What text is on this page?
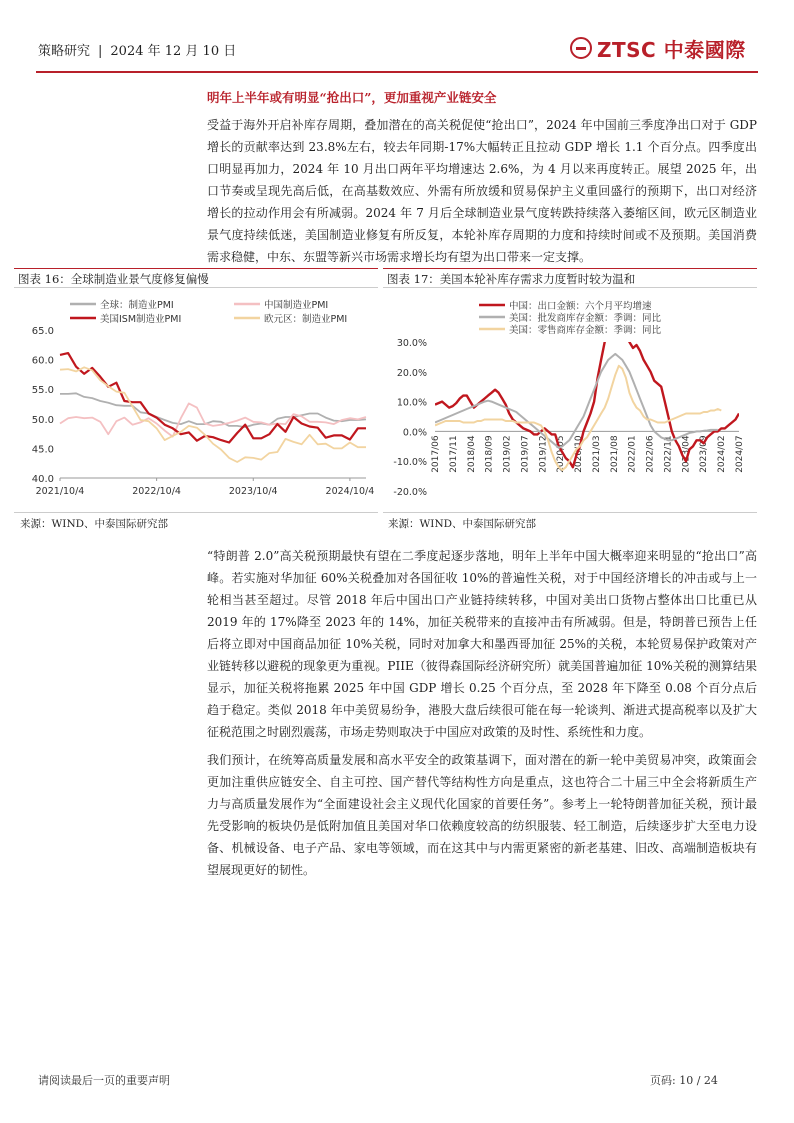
策略研究 | 2024 年 12 月 10 日	ZTSC 中泰國際
明年上半年或有明显“抢出口”，更加重视产业链安全
受益于海外开启补库存周期，叠加潜在的高关税促使“抢出口”，2024 年中国前三季度净出口对于 GDP 增长的贡献率达到 23.8%左右，较去年同期-17%大幅转正且拉动 GDP 增长 1.1 个百分点。四季度出口明显再加力，2024 年 10 月出口两年平均增速达 2.6%，为 4 月以来再度转正。展望 2025 年，出口节奏或呈现先高后低，在高基数效应、外需有所放缓和贸易保护主义重回盛行的预期下，出口对经济增长的拉动作用会有所减弱。2024 年 7 月后全球制造业景气度转跌持续落入萎缩区间，欧元区制造业景气度持续低迷，美国制造业修复有所反复，本轮补库存周期的力度和持续时间或不及预期。美国消费需求稳健，中东、东盟等新兴市场需求增长均有望为出口带来一定支撑。
图表 16：全球制造业景气度修复偏慢	图表 17：美国本轮补库存需求力度暂时较为温和
40.0
45.0
50.0
55.0
60.0
65.0
2021/10/4	2022/10/4	2023/10/4	2024/10/4
全球：制造业PMI	中国制造业PMI
美国ISM制造业PMI	欧元区：制造业PMI
-20.0%
-10.0%
0.0%
10.0%
20.0%
30.0%
2017/06 2017/11 2018/04 2018/09 2019/02 2019/07 2019/12 2020/05 2020/10 2021/03 2021/08 2022/01 2022/06 2022/11 2023/04 2023/09 2024/02 2024/07
中国：出口金额：六个月平均增速
美国：批发商库存金额：季调：同比
美国：零售商库存金额：季调：同比
来源：WIND、中泰国际研究部	来源：WIND、中泰国际研究部
“特朗普 2.0”高关税预期最快有望在二季度起逐步落地，明年上半年中国大概率迎来明显的“抢出口”高峰。若实施对华加征 60%关税叠加对各国征收 10%的普遍性关税，对于中国经济增长的冲击或与上一轮相当甚至超过。尽管 2018 年后中国出口产业链持续转移，中国对美出口货物占整体出口比重已从 2019 年的 17%降至 2023 年的 14%，加征关税带来的直接冲击有所减弱。但是，特朗普已预告上任后将立即对中国商品加征 10%关税，同时对加拿大和墨西哥加征 25%的关税，本轮贸易保护政策对产业链转移以避税的现象更为重视。PIIE（彼得森国际经济研究所）就美国普遍加征 10%关税的测算结果显示，加征关税将拖累 2025 年中国 GDP 增长 0.25 个百分点，至 2028 年下降至 0.08 个百分点后趋于稳定。类似 2018 年中美贸易纷争，港股大盘后续很可能在每一轮谈判、渐进式提高税率以及扩大征税范围之时剧烈震荡，市场走势则取决于中国应对政策的及时性、系统性和力度。
我们预计，在统筹高质量发展和高水平安全的政策基调下，面对潜在的新一轮中美贸易冲突，政策面会更加注重供应链安全、自主可控、国产替代等结构性方向是重点，这也符合二十届三中全会将新质生产力与高质量发展作为“全面建设社会主义现代化国家的首要任务”。参考上一轮特朗普加征关税，预计最先受影响的板块仍是低附加值且美国对华口依赖度较高的纺织服装、轻工制造，后续逐步扩大至电力设备、机械设备、电子产品、家电等领域，而在这其中与内需更紧密的新老基建、旧改、高端制造板块有望展现更好的韧性。
请阅读最后一页的重要声明	页码: 10 / 24
